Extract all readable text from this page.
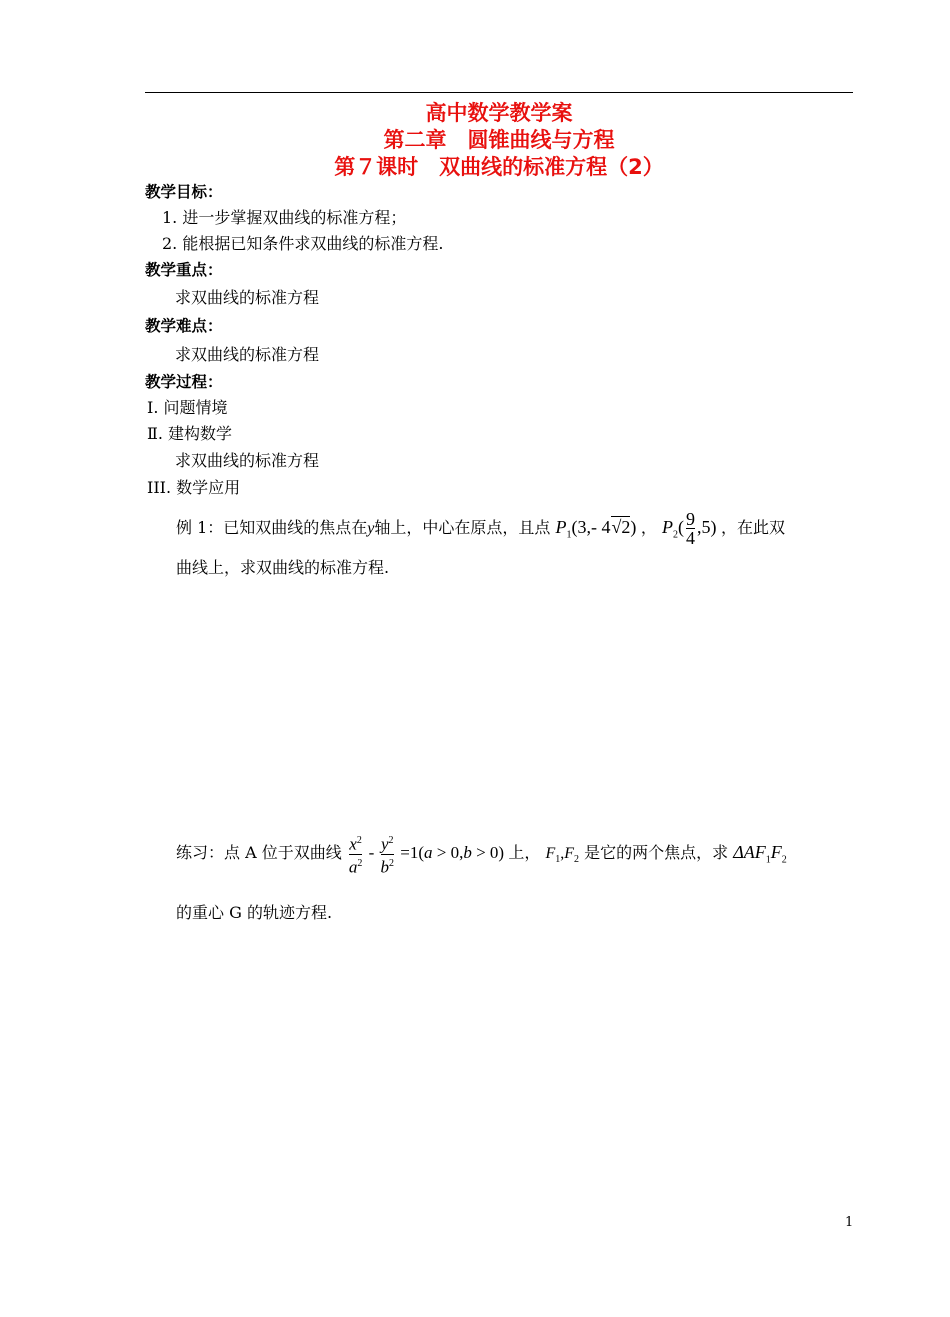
高中数学教学案
第二章　圆锥曲线与方程
第７课时　双曲线的标准方程（2）
教学目标：
1. 进一步掌握双曲线的标准方程；
2. 能根据已知条件求双曲线的标准方程.
教学重点：
求双曲线的标准方程
教学难点：
求双曲线的标准方程
教学过程：
Ⅰ. 问题情境
Ⅱ. 建构数学
求双曲线的标准方程
III. 数学应用
例 1：已知双曲线的焦点在y轴上，中心在原点，且点 $P_1(3,-$ 4√2) ， $P_2( \frac{9}{4} ,5)$ ，在此双
曲线上，求双曲线的标准方程.
练习：点 A 位于双曲线 $\frac{x^2}{a^2} - \frac{y^2}{b^2} =1(a > 0,b > 0)$ 上， $F_1,F_2$ 是它的两个焦点，求 $\Delta AF_1F_2$
的重心 G 的轨迹方程.
1
